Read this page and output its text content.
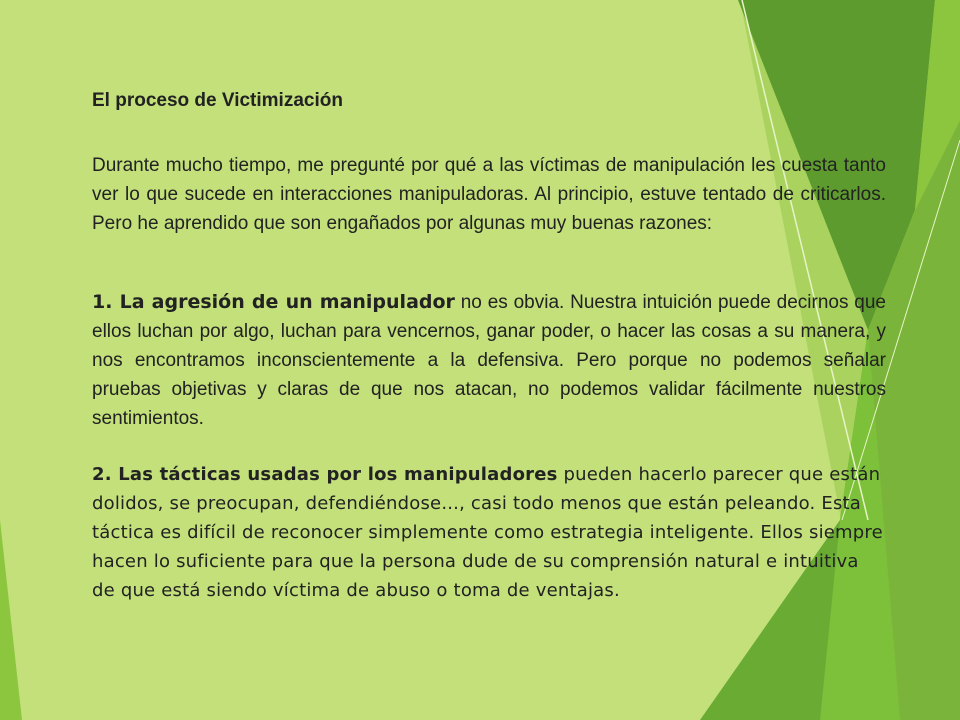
El proceso de Victimización
Durante mucho tiempo, me pregunté por qué a las víctimas de manipulación les cuesta tanto ver lo que sucede en interacciones manipuladoras. Al principio, estuve tentado de criticarlos. Pero he aprendido que son engañados por algunas muy buenas razones:
1. La agresión de un manipulador no es obvia. Nuestra intuición puede decirnos que ellos luchan por algo, luchan para vencernos, ganar poder, o hacer las cosas a su manera, y nos encontramos inconscientemente a la defensiva. Pero porque no podemos señalar pruebas objetivas y claras de que nos atacan, no podemos validar fácilmente nuestros sentimientos.
2. Las tácticas usadas por los manipuladores pueden hacerlo parecer que están dolidos, se preocupan, defendiéndose..., casi todo menos que están peleando. Esta táctica es difícil de reconocer simplemente como estrategia inteligente. Ellos siempre hacen lo suficiente para que la persona dude de su comprensión natural e intuitiva de que está siendo víctima de abuso o toma de ventajas.
